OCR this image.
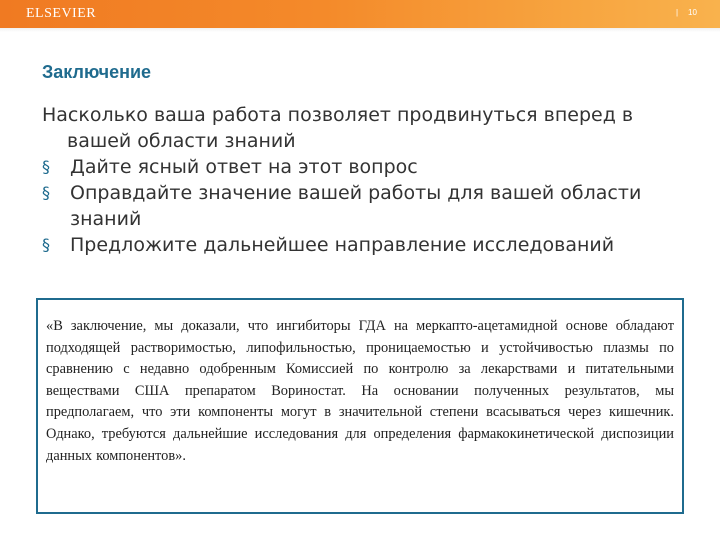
ELSEVIER	| 10
Заключение

Насколько ваша работа позволяет продвинуться вперед в вашей области знаний

§ Дайте ясный ответ на этот вопрос
§ Оправдайте значение вашей работы для вашей области знаний
§ Предложите дальнейшее направление исследований

«В заключение, мы доказали, что ингибиторы ГДА на меркапто-ацетамидной основе обладают подходящей растворимостью, липофильностью, проницаемостью и устойчивостью плазмы по сравнению с недавно одобренным Комиссией по контролю за лекарствами и питательными веществами США препаратом Вориностат. На основании полученных результатов, мы предполагаем, что эти компоненты могут в значительной степени всасываться через кишечник. Однако, требуются дальнейшие исследования для определения фармакокинетической диспозиции данных компонентов».
